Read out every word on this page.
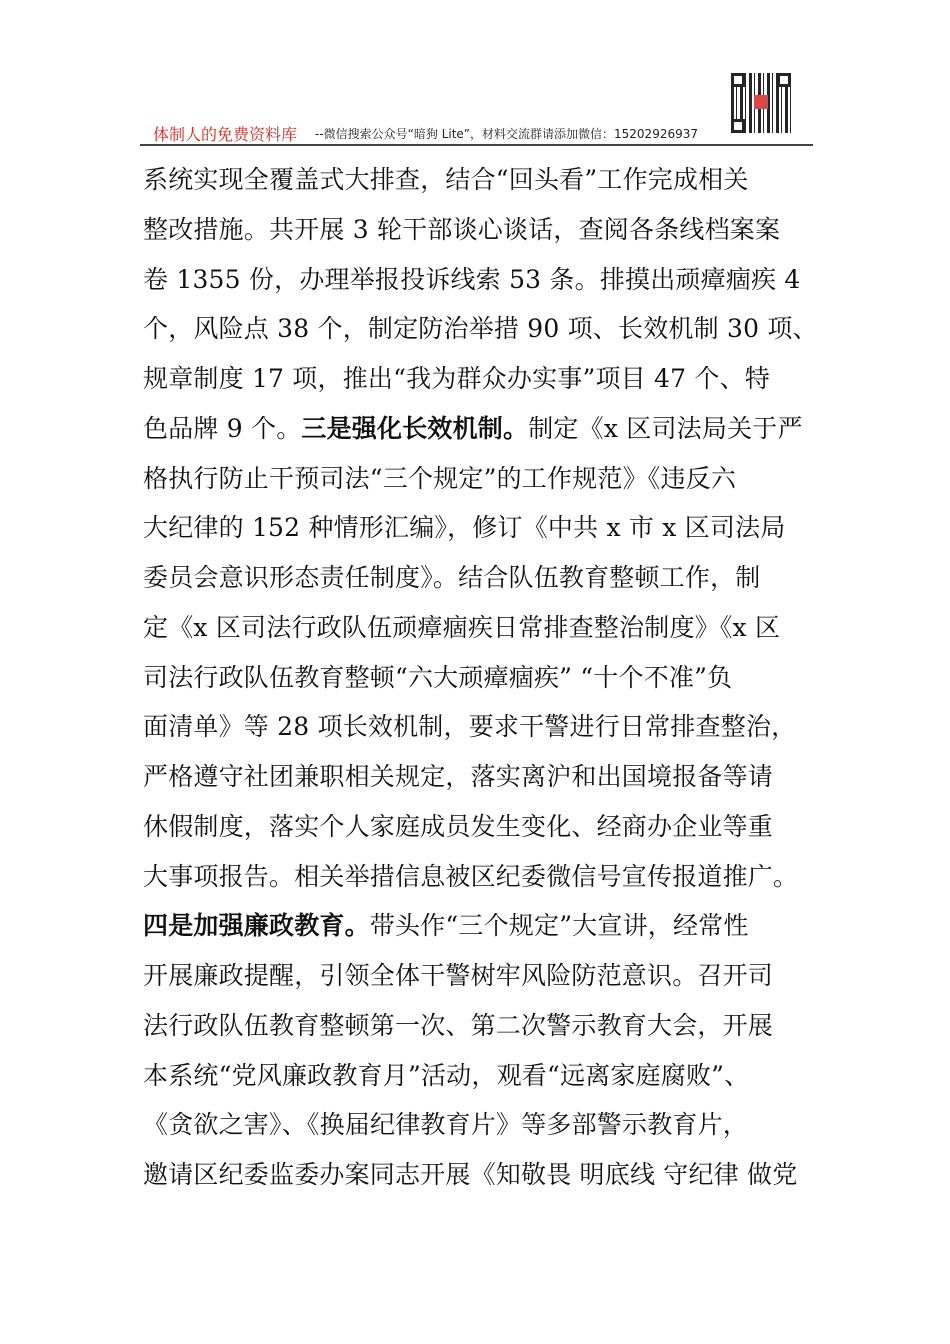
体制人的免费资料库 --微信搜索公众号“暗狗 Lite”，材料交流群请添加微信：15202926937
系统实现全覆盖式大排查，结合“回头看”工作完成相关
整改措施。共开展 3 轮干部谈心谈话，查阅各条线档案案
卷 1355 份，办理举报投诉线索 53 条。排摸出顽瘴痼疾 4
个，风险点 38 个，制定防治举措 90 项、长效机制 30 项、
规章制度 17 项，推出“我为群众办实事”项目 47 个、特
色品牌 9 个。三是强化长效机制。制定《x 区司法局关于严
格执行防止干预司法“三个规定”的工作规范》《违反六
大纪律的 152 种情形汇编》，修订《中共 x 市 x 区司法局
委员会意识形态责任制度》。结合队伍教育整顿工作，制
定《x 区司法行政队伍顽瘴痼疾日常排查整治制度》《x 区
司法行政队伍教育整顿“六大顽瘴痼疾” “十个不准”负
面清单》等 28 项长效机制，要求干警进行日常排查整治，
严格遵守社团兼职相关规定，落实离沪和出国境报备等请
休假制度，落实个人家庭成员发生变化、经商办企业等重
大事项报告。相关举措信息被区纪委微信号宣传报道推广。
四是加强廉政教育。带头作“三个规定”大宣讲，经常性
开展廉政提醒，引领全体干警树牢风险防范意识。召开司
法行政队伍教育整顿第一次、第二次警示教育大会，开展
本系统“党风廉政教育月”活动，观看“远离家庭腐败”、
《贪欲之害》、《换届纪律教育片》等多部警示教育片，
邀请区纪委监委办案同志开展《知敬畏 明底线 守纪律 做党
